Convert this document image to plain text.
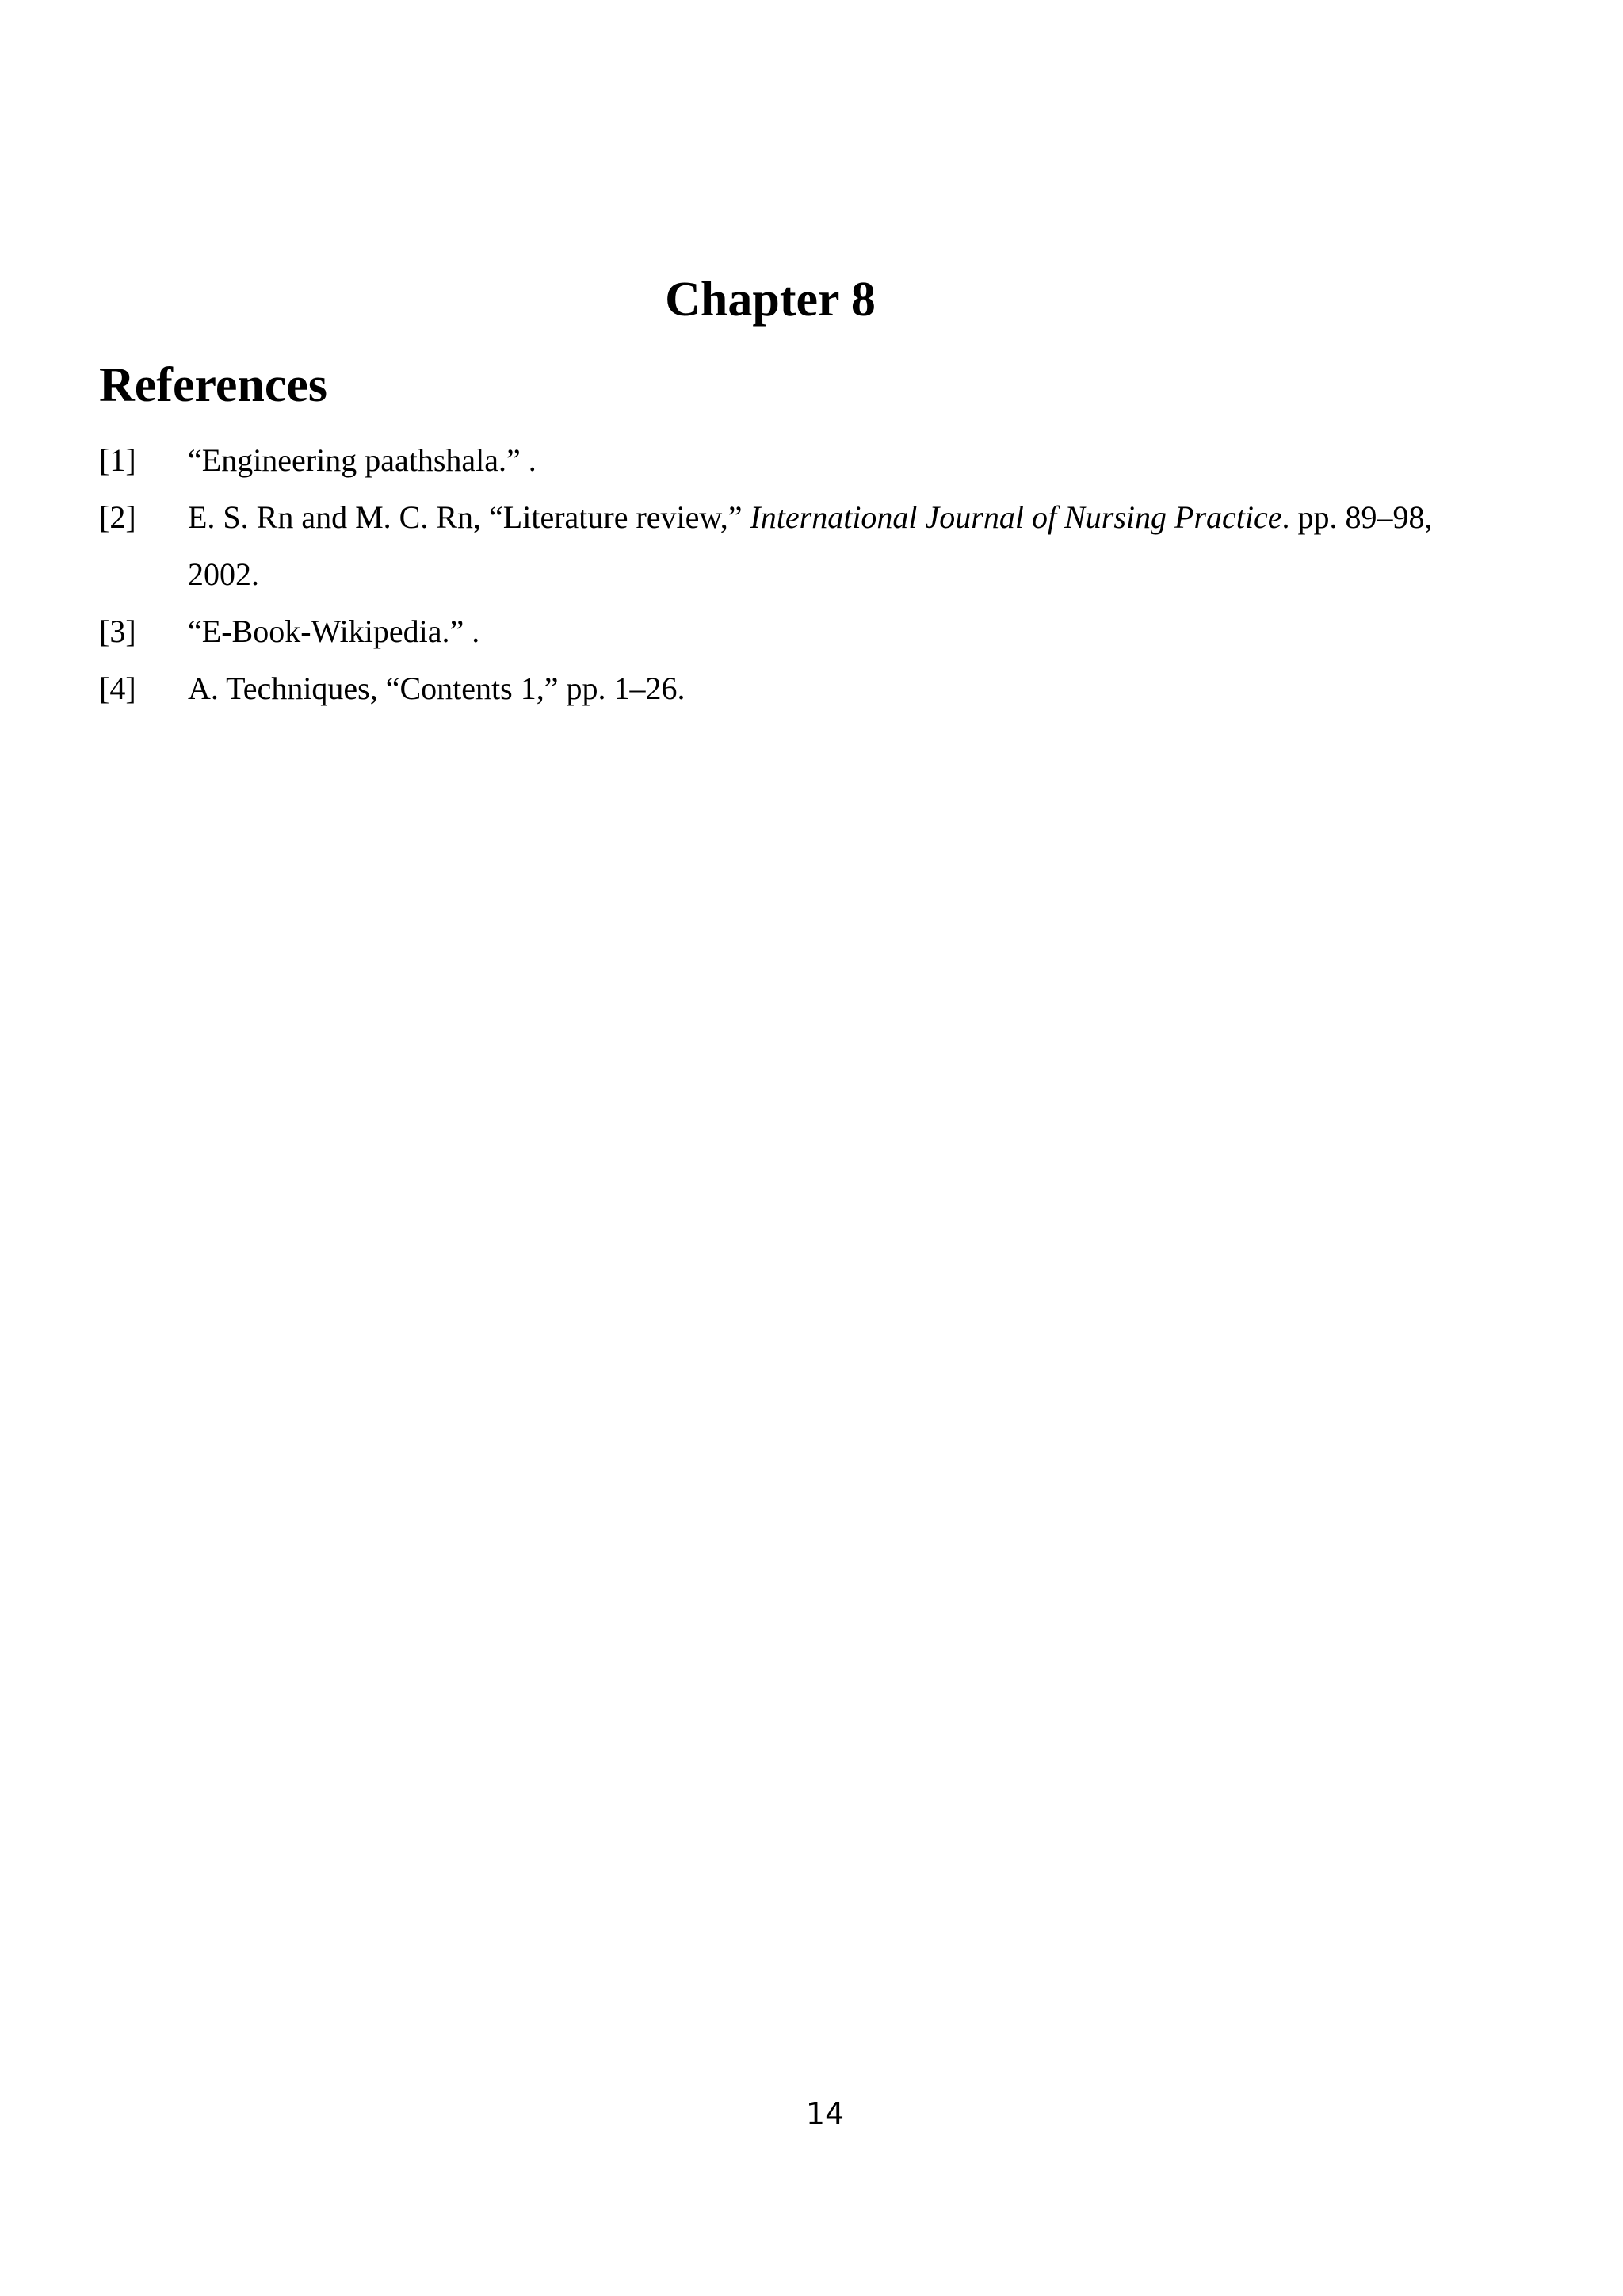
Chapter 8
References
[1]	“Engineering paathshala.” .
[2]	E. S. Rn and M. C. Rn, “Literature review,” International Journal of Nursing Practice. pp. 89–98, 2002.
[3]	“E-Book-Wikipedia.” .
[4]	A. Techniques, “Contents 1,” pp. 1–26.

14
